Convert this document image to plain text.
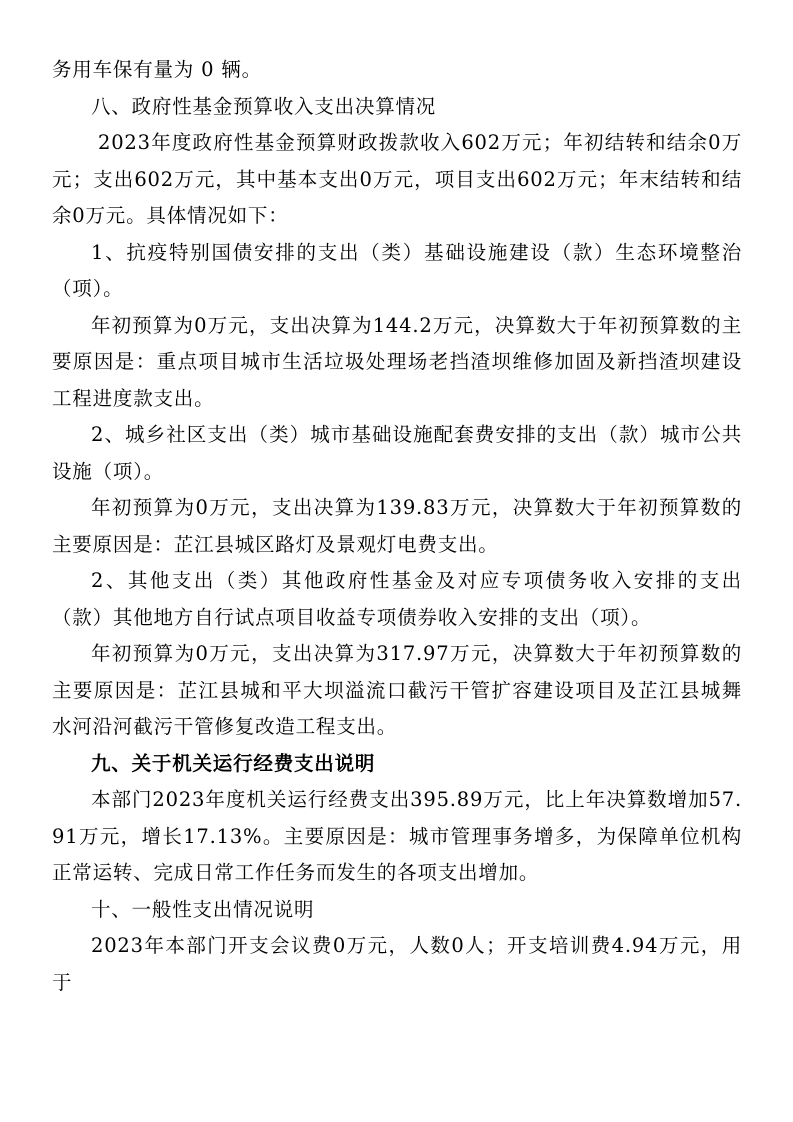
务用车保有量为 0 辆。

八、政府性基金预算收入支出决算情况

2023年度政府性基金预算财政拨款收入602万元；年初结转和结余0万元；支出602万元，其中基本支出0万元，项目支出602万元；年末结转和结余0万元。具体情况如下：

1、抗疫特别国债安排的支出（类）基础设施建设（款）生态环境整治（项）。

年初预算为0万元，支出决算为144.2万元，决算数大于年初预算数的主要原因是：重点项目城市生活垃圾处理场老挡渣坝维修加固及新挡渣坝建设工程进度款支出。

2、城乡社区支出（类）城市基础设施配套费安排的支出（款）城市公共设施（项）。

年初预算为0万元，支出决算为139.83万元，决算数大于年初预算数的主要原因是：芷江县城区路灯及景观灯电费支出。

2、其他支出（类）其他政府性基金及对应专项债务收入安排的支出（款）其他地方自行试点项目收益专项债券收入安排的支出（项）。

年初预算为0万元，支出决算为317.97万元，决算数大于年初预算数的主要原因是：芷江县城和平大坝溢流口截污干管扩容建设项目及芷江县城舞水河沿河截污干管修复改造工程支出。

九、关于机关运行经费支出说明

本部门2023年度机关运行经费支出395.89万元，比上年决算数增加57.91万元，增长17.13%。主要原因是：城市管理事务增多，为保障单位机构正常运转、完成日常工作任务而发生的各项支出增加。

十、一般性支出情况说明

2023年本部门开支会议费0万元，人数0人；开支培训费4.94万元，用于
